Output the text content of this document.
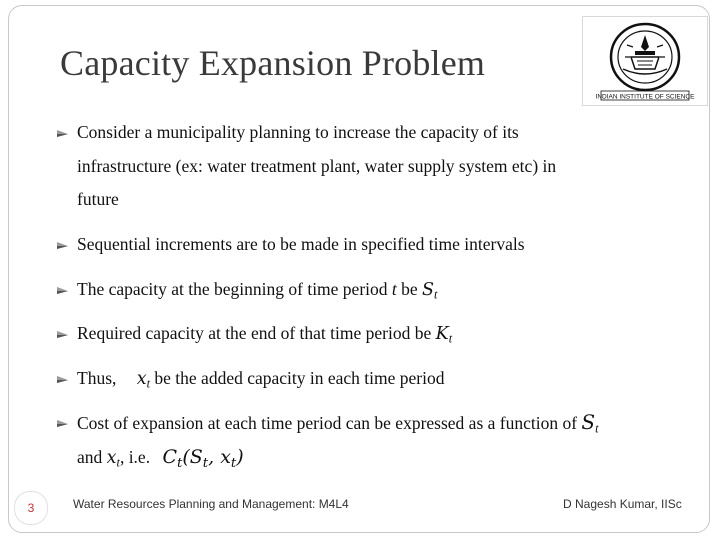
Capacity Expansion Problem
INDIAN INSTITUTE OF SCIENCE
Consider a municipality planning to increase the capacity of its
infrastructure (ex: water treatment plant, water supply system etc) in
future
Sequential increments are to be made in specified time intervals
The capacity at the beginning of time period t be $S_t$
Required capacity at the end of that time period be $K_t$
Thus, $x_t$ be the added capacity in each time period
Cost of expansion at each time period can be expressed as a function of $S_t$
and $x_t$, i.e. $C_t(S_t$, $x_t$)
3	Water Resources Planning and Management: M4L4	D Nagesh Kumar, IISc
